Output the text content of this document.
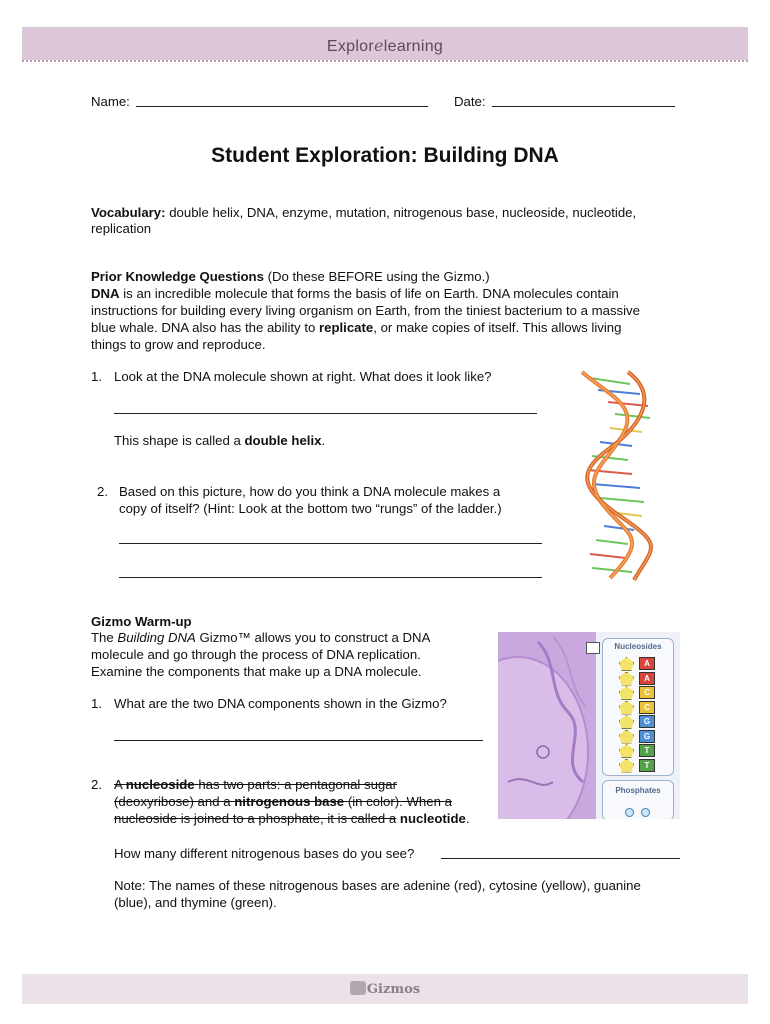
Explorelearning
Name:	Date:
Student Exploration: Building DNA
Vocabulary: double helix, DNA, enzyme, mutation, nitrogenous base, nucleoside, nucleotide,
replication
Prior Knowledge Questions (Do these BEFORE using the Gizmo.)
DNA is an incredible molecule that forms the basis of life on Earth. DNA molecules contain
instructions for building every living organism on Earth, from the tiniest bacterium to a massive
blue whale. DNA also has the ability to replicate, or make copies of itself. This allows living
things to grow and reproduce.
1. Look at the DNA molecule shown at right. What does it look like?
This shape is called a double helix.
2. Based on this picture, how do you think a DNA molecule makes a
copy of itself? (Hint: Look at the bottom two “rungs” of the ladder.)
Gizmo Warm-up
The Building DNA Gizmo™ allows you to construct a DNA
molecule and go through the process of DNA replication.
Examine the components that make up a DNA molecule.
1. What are the two DNA components shown in the Gizmo?
2. A nucleoside has two parts: a pentagonal sugar
(deoxyribose) and a nitrogenous base (in color). When a
nucleoside is joined to a phosphate, it is called a nucleotide.
How many different nitrogenous bases do you see?
Note: The names of these nitrogenous bases are adenine (red), cytosine (yellow), guanine
(blue), and thymine (green).
Nucleosides
A
A
C
C
G
G
T
T
Phosphates
Gizmos
